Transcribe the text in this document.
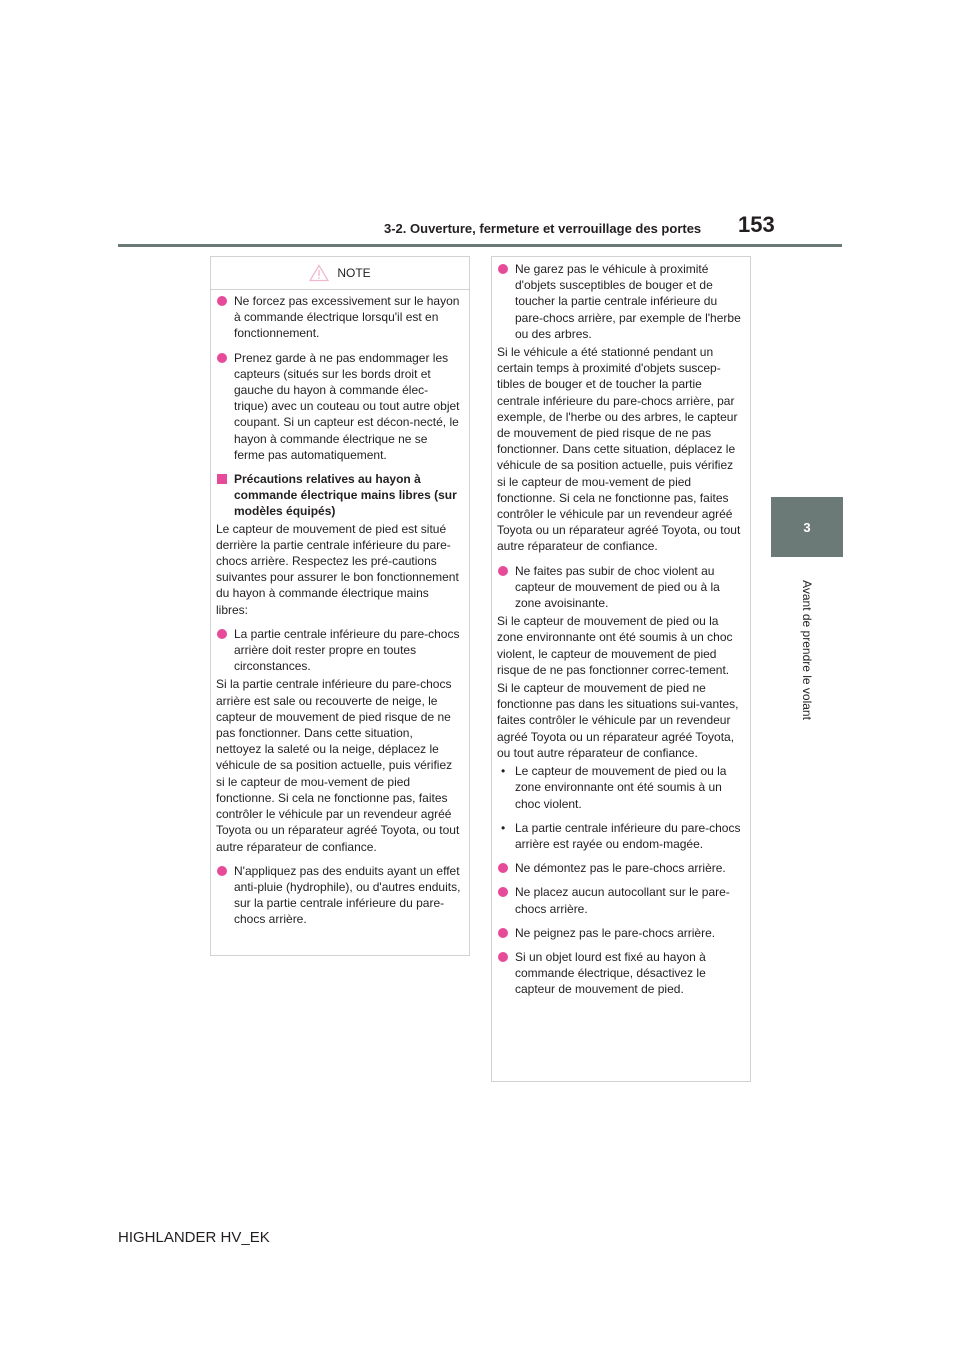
3-2. Ouverture, fermeture et verrouillage des portes 153
3
Avant de prendre le volant
NOTE
Ne forcez pas excessivement sur le hayon à commande électrique lorsqu'il est en fonctionnement.
Prenez garde à ne pas endommager les capteurs (situés sur les bords droit et gauche du hayon à commande élec-trique) avec un couteau ou tout autre objet coupant. Si un capteur est décon-necté, le hayon à commande électrique ne se ferme pas automatiquement.
Précautions relatives au hayon à commande électrique mains libres (sur modèles équipés)
Le capteur de mouvement de pied est situé derrière la partie centrale inférieure du pare-chocs arrière. Respectez les pré-cautions suivantes pour assurer le bon fonctionnement du hayon à commande électrique mains libres:
La partie centrale inférieure du pare-chocs arrière doit rester propre en toutes circonstances.
Si la partie centrale inférieure du pare-chocs arrière est sale ou recouverte de neige, le capteur de mouvement de pied risque de ne pas fonctionner. Dans cette situation, nettoyez la saleté ou la neige, déplacez le véhicule de sa position actuelle, puis vérifiez si le capteur de mou-vement de pied fonctionne. Si cela ne fonctionne pas, faites contrôler le véhicule par un revendeur agréé Toyota ou un réparateur agréé Toyota, ou tout autre réparateur de confiance.
N'appliquez pas des enduits ayant un effet anti-pluie (hydrophile), ou d'autres enduits, sur la partie centrale inférieure du pare-chocs arrière.
Ne garez pas le véhicule à proximité d'objets susceptibles de bouger et de toucher la partie centrale inférieure du pare-chocs arrière, par exemple de l'herbe ou des arbres.
Si le véhicule a été stationné pendant un certain temps à proximité d'objets suscep-tibles de bouger et de toucher la partie centrale inférieure du pare-chocs arrière, par exemple, de l'herbe ou des arbres, le capteur de mouvement de pied risque de ne pas fonctionner. Dans cette situation, déplacez le véhicule de sa position actuelle, puis vérifiez si le capteur de mou-vement de pied fonctionne. Si cela ne fonctionne pas, faites contrôler le véhicule par un revendeur agréé Toyota ou un réparateur agréé Toyota, ou tout autre réparateur de confiance.
Ne faites pas subir de choc violent au capteur de mouvement de pied ou à la zone avoisinante.
Si le capteur de mouvement de pied ou la zone environnante ont été soumis à un choc violent, le capteur de mouvement de pied risque de ne pas fonctionner correc-tement.
Si le capteur de mouvement de pied ne fonctionne pas dans les situations sui-vantes, faites contrôler le véhicule par un revendeur agréé Toyota ou un réparateur agréé Toyota, ou tout autre réparateur de confiance.
• Le capteur de mouvement de pied ou la zone environnante ont été soumis à un choc violent.
• La partie centrale inférieure du pare-chocs arrière est rayée ou endom-magée.
Ne démontez pas le pare-chocs arrière.
Ne placez aucun autocollant sur le pare-chocs arrière.
Ne peignez pas le pare-chocs arrière.
Si un objet lourd est fixé au hayon à commande électrique, désactivez le capteur de mouvement de pied.
HIGHLANDER HV_EK
